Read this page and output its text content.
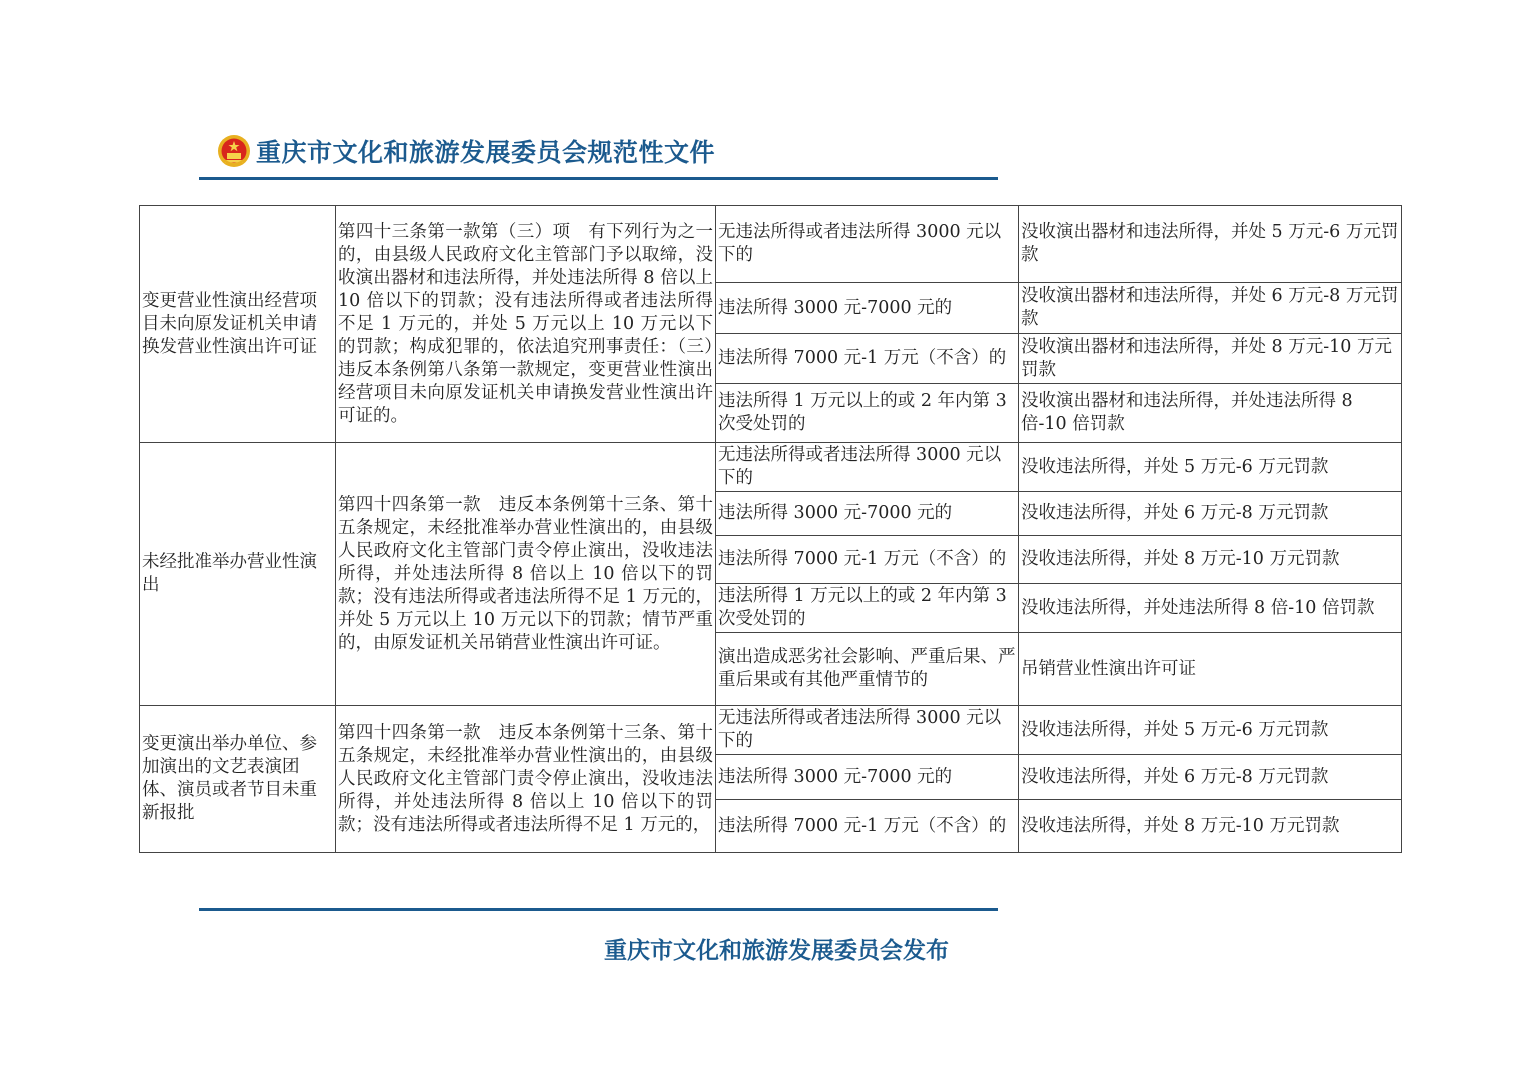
重庆市文化和旅游发展委员会规范性文件
变更营业性演出经营项目未向原发证机关申请换发营业性演出许可证	第四十三条第一款第（三）项　有下列行为之一的，由县级人民政府文化主管部门予以取缔，没收演出器材和违法所得，并处违法所得 8 倍以上 10 倍以下的罚款；没有违法所得或者违法所得不足 1 万元的，并处 5 万元以上 10 万元以下的罚款；构成犯罪的，依法追究刑事责任：（三）违反本条例第八条第一款规定，变更营业性演出经营项目未向原发证机关申请换发营业性演出许可证的。	无违法所得或者违法所得 3000 元以下的	没收演出器材和违法所得，并处 5 万元-6 万元罚款
		违法所得 3000 元-7000 元的	没收演出器材和违法所得，并处 6 万元-8 万元罚款
		违法所得 7000 元-1 万元（不含）的	没收演出器材和违法所得，并处 8 万元-10 万元罚款
		违法所得 1 万元以上的或 2 年内第 3 次受处罚的	没收演出器材和违法所得，并处违法所得 8 倍-10 倍罚款
未经批准举办营业性演出	第四十四条第一款　违反本条例第十三条、第十五条规定，未经批准举办营业性演出的，由县级人民政府文化主管部门责令停止演出，没收违法所得，并处违法所得 8 倍以上 10 倍以下的罚款；没有违法所得或者违法所得不足 1 万元的，并处 5 万元以上 10 万元以下的罚款；情节严重的，由原发证机关吊销营业性演出许可证。	无违法所得或者违法所得 3000 元以下的	没收违法所得，并处 5 万元-6 万元罚款
		违法所得 3000 元-7000 元的	没收违法所得，并处 6 万元-8 万元罚款
		违法所得 7000 元-1 万元（不含）的	没收违法所得，并处 8 万元-10 万元罚款
		违法所得 1 万元以上的或 2 年内第 3 次受处罚的	没收违法所得，并处违法所得 8 倍-10 倍罚款
		演出造成恶劣社会影响、严重后果、严重后果或有其他严重情节的	吊销营业性演出许可证
变更演出举办单位、参加演出的文艺表演团体、演员或者节目未重新报批	第四十四条第一款　违反本条例第十三条、第十五条规定，未经批准举办营业性演出的，由县级人民政府文化主管部门责令停止演出，没收违法所得，并处违法所得 8 倍以上 10 倍以下的罚款；没有违法所得或者违法所得不足 1 万元的，	无违法所得或者违法所得 3000 元以下的	没收违法所得，并处 5 万元-6 万元罚款
		违法所得 3000 元-7000 元的	没收违法所得，并处 6 万元-8 万元罚款
		违法所得 7000 元-1 万元（不含）的	没收违法所得，并处 8 万元-10 万元罚款
重庆市文化和旅游发展委员会发布
